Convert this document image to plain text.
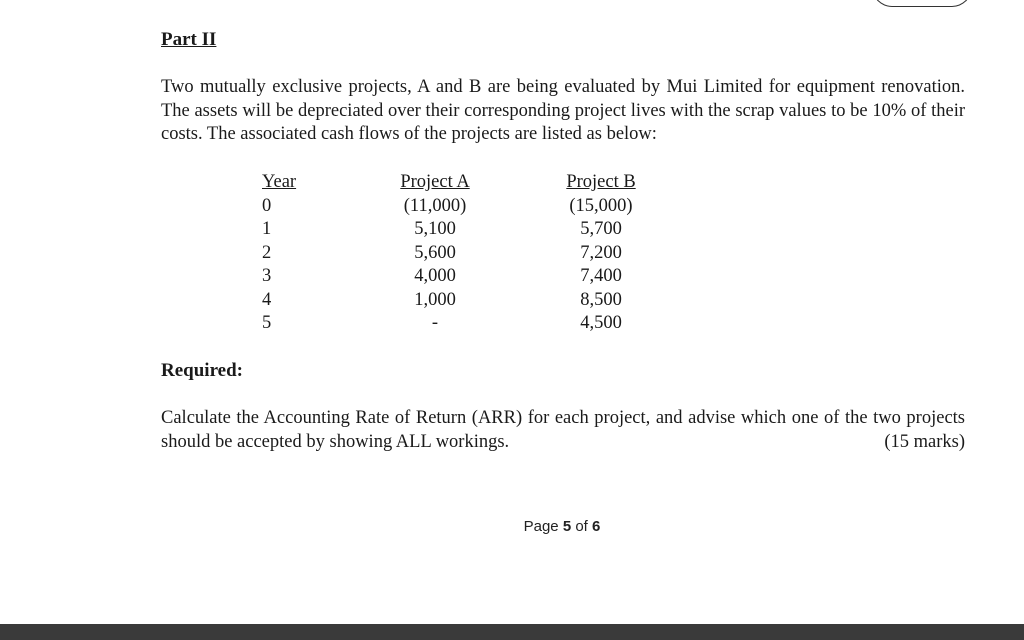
Part II

Two mutually exclusive projects, A and B are being evaluated by Mui Limited for equipment renovation. The assets will be depreciated over their corresponding project lives with the scrap values to be 10% of their costs. The associated cash flows of the projects are listed as below:

Year
0
1
2
3
4
5
Project A
(11,000)
5,100
5,600
4,000
1,000
-
Project B
(15,000)
5,700
7,200
7,400
8,500
4,500

Required:

Calculate the Accounting Rate of Return (ARR) for each project, and advise which one of the two projects should be accepted by showing ALL workings.	(15 marks)

Page 5 of 6
